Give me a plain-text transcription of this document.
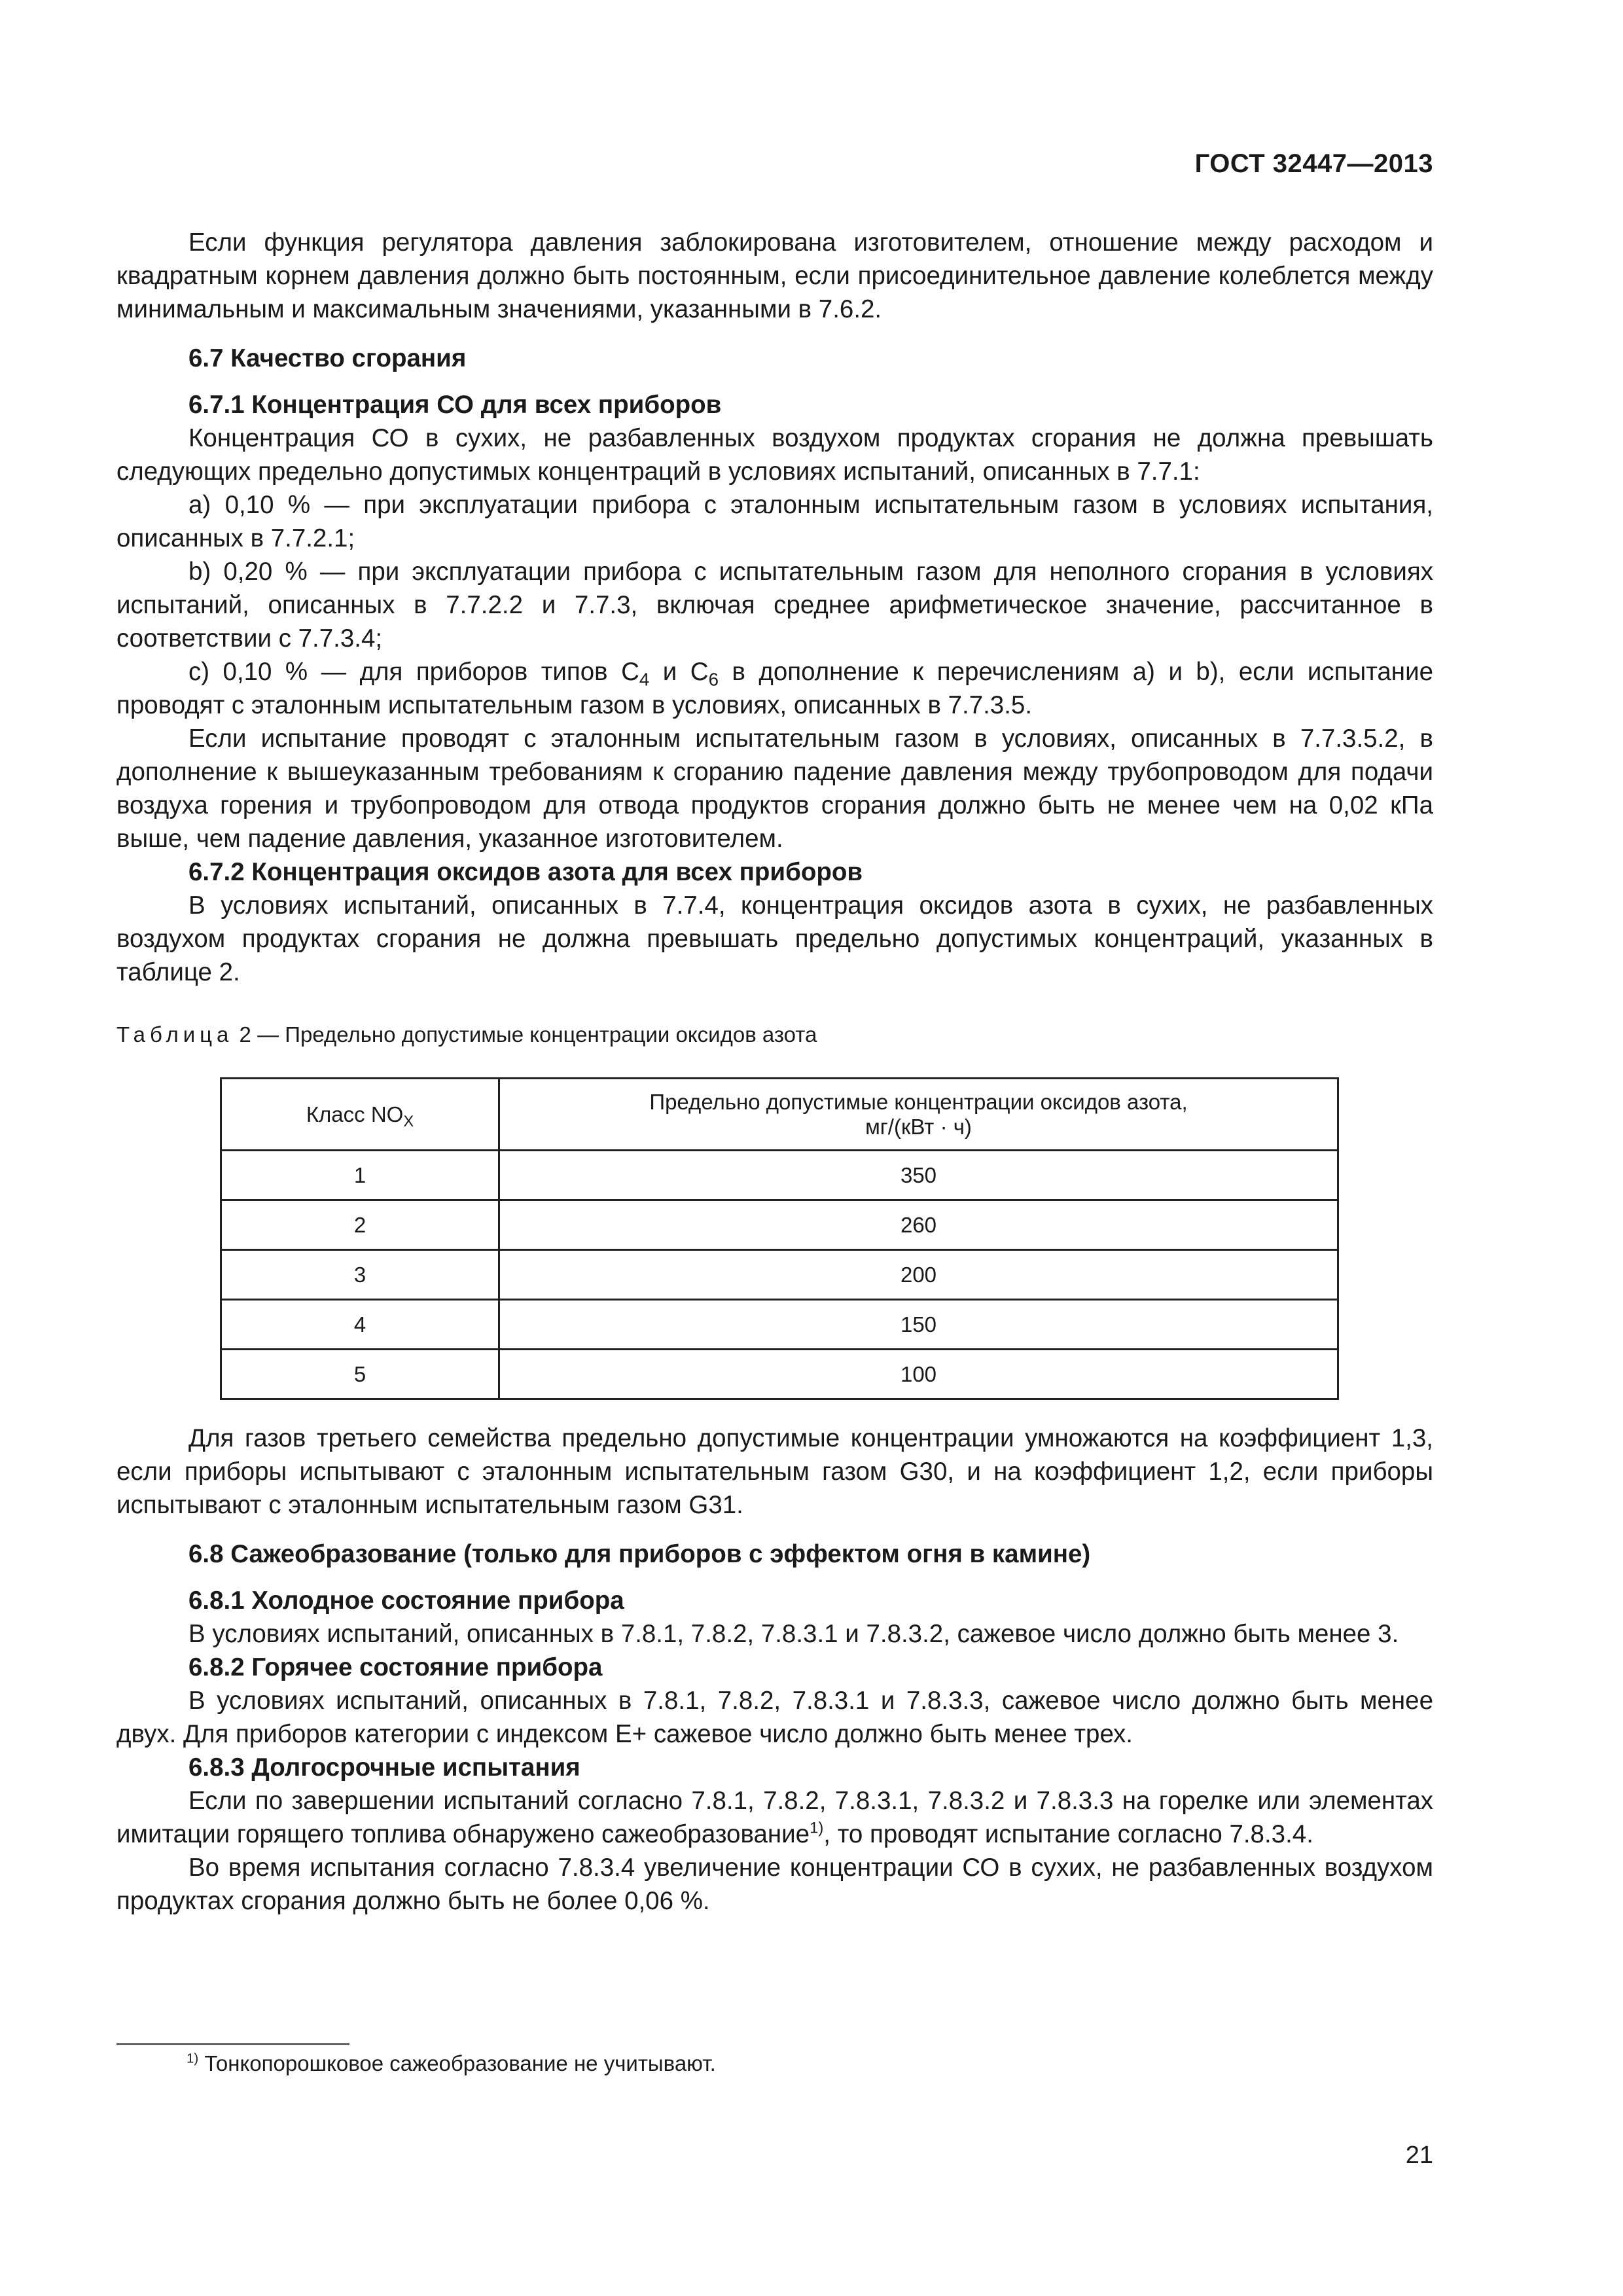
ГОСТ 32447—2013

Если функция регулятора давления заблокирована изготовителем, отношение между расходом и квадратным корнем давления должно быть постоянным, если присоединительное давление колеблется между минимальным и максимальным значениями, указанными в 7.6.2.

6.7 Качество сгорания

6.7.1 Концентрация СО для всех приборов

Концентрация СО в сухих, не разбавленных воздухом продуктах сгорания не должна превышать следующих предельно допустимых концентраций в условиях испытаний, описанных в 7.7.1:

a) 0,10 % — при эксплуатации прибора с эталонным испытательным газом в условиях испытания, описанных в 7.7.2.1;

b) 0,20 % — при эксплуатации прибора с испытательным газом для неполного сгорания в условиях испытаний, описанных в 7.7.2.2 и 7.7.3, включая среднее арифметическое значение, рассчитанное в соответствии с 7.7.3.4;

c) 0,10 % — для приборов типов $С_4$ и $С_6$ в дополнение к перечислениям a) и b), если испытание проводят с эталонным испытательным газом в условиях, описанных в 7.7.3.5.

Если испытание проводят с эталонным испытательным газом в условиях, описанных в 7.7.3.5.2, в дополнение к вышеуказанным требованиям к сгоранию падение давления между трубопроводом для подачи воздуха горения и трубопроводом для отвода продуктов сгорания должно быть не менее чем на 0,02 кПа выше, чем падение давления, указанное изготовителем.

6.7.2 Концентрация оксидов азота для всех приборов

В условиях испытаний, описанных в 7.7.4, концентрация оксидов азота в сухих, не разбавленных воздухом продуктах сгорания не должна превышать предельно допустимых концентраций, указанных в таблице 2.

Таблица 2 — Предельно допустимые концентрации оксидов азота

Класс $NO_X$	Предельно допустимые концентрации оксидов азота,
мг/(кВт · ч)
1	350
2	260
3	200
4	150
5	100

Для газов третьего семейства предельно допустимые концентрации умножаются на коэффициент 1,3, если приборы испытывают с эталонным испытательным газом G30, и на коэффициент 1,2, если приборы испытывают с эталонным испытательным газом G31.

6.8 Сажеобразование (только для приборов с эффектом огня в камине)

6.8.1 Холодное состояние прибора

В условиях испытаний, описанных в 7.8.1, 7.8.2, 7.8.3.1 и 7.8.3.2, сажевое число должно быть менее 3.

6.8.2 Горячее состояние прибора

В условиях испытаний, описанных в 7.8.1, 7.8.2, 7.8.3.1 и 7.8.3.3, сажевое число должно быть менее двух. Для приборов категории с индексом Е+ сажевое число должно быть менее трех.

6.8.3 Долгосрочные испытания

Если по завершении испытаний согласно 7.8.1, 7.8.2, 7.8.3.1, 7.8.3.2 и 7.8.3.3 на горелке или элементах имитации горящего топлива обнаружено сажеобразование$^{1)}$, то проводят испытание согласно 7.8.3.4.

Во время испытания согласно 7.8.3.4 увеличение концентрации СО в сухих, не разбавленных воздухом продуктах сгорания должно быть не более 0,06 %.

$^{1)}$ Тонкопорошковое сажеобразование не учитывают.
21
